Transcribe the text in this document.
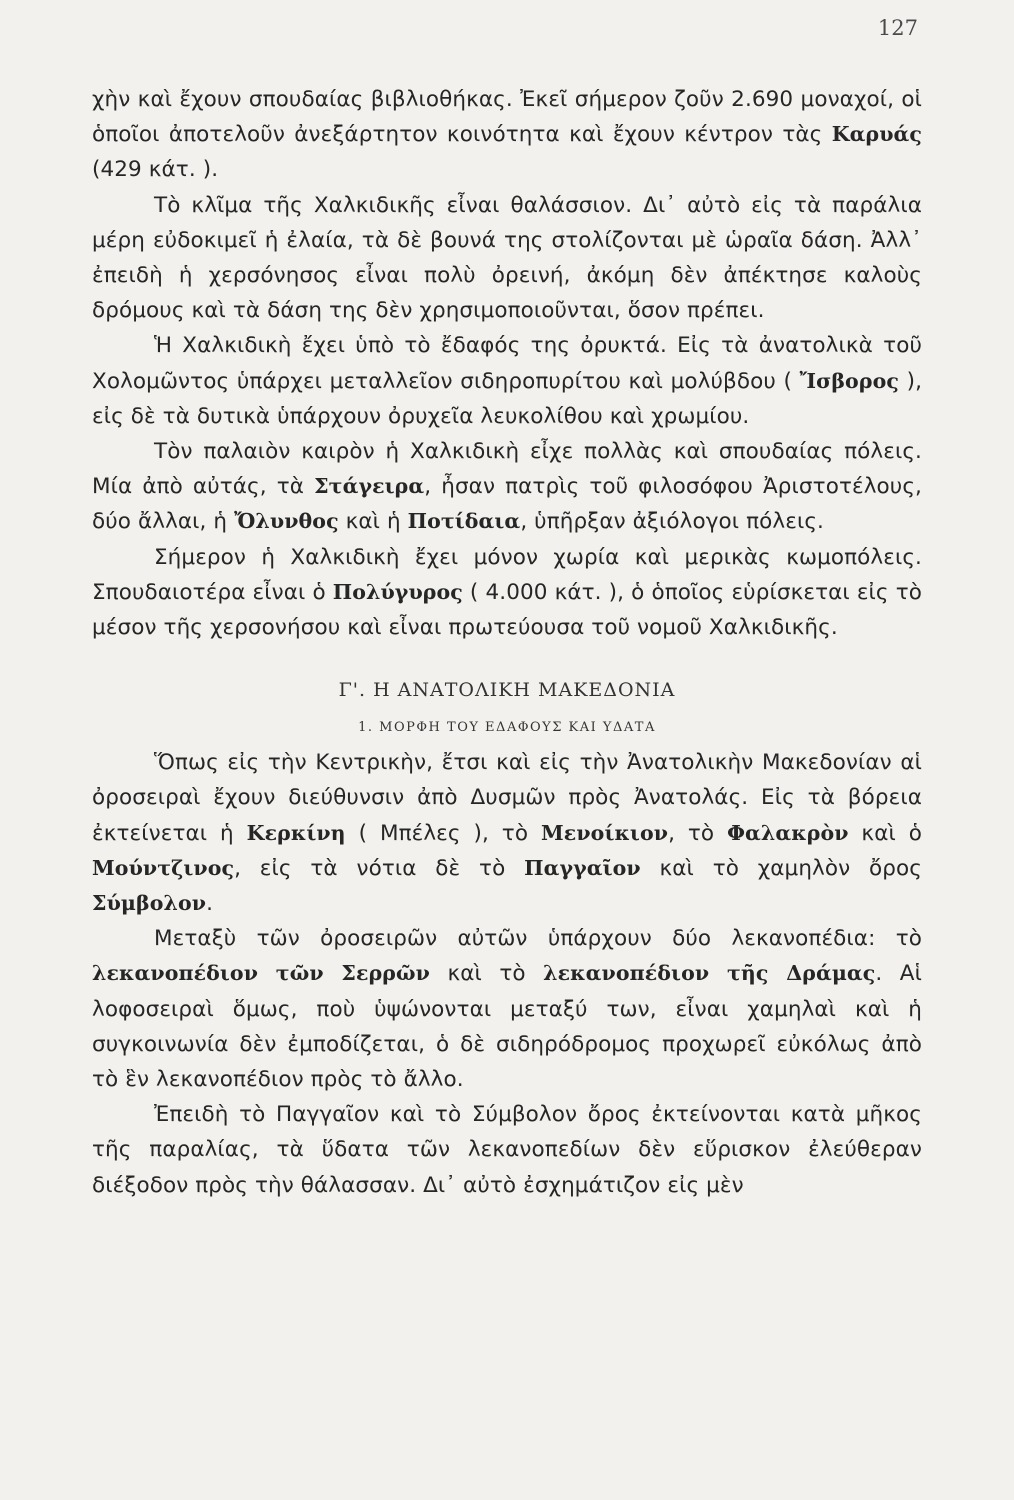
127

χὴν καὶ ἔχουν σπουδαίας βιβλιοθήκας. Ἐκεῖ σήμερον ζοῦν 2.690 μοναχοί, οἱ ὁποῖοι ἀποτελοῦν ἀνεξάρτητον κοινότητα καὶ ἔχουν κέντρον τὰς Καρυάς (429 κάτ. ).

Τὸ κλῖμα τῆς Χαλκιδικῆς εἶναι θαλάσσιον. Δι᾽ αὐτὸ εἰς τὰ παράλια μέρη εὐδοκιμεῖ ἡ ἐλαία, τὰ δὲ βουνά της στολίζονται μὲ ὡραῖα δάση. Ἀλλ᾽ ἐπειδὴ ἡ χερσόνησος εἶναι πολὺ ὀρεινή, ἀκόμη δὲν ἀπέκτησε καλοὺς δρόμους καὶ τὰ δάση της δὲν χρησιμοποιοῦνται, ὅσον πρέπει.

Ἡ Χαλκιδικὴ ἔχει ὑπὸ τὸ ἔδαφός της ὀρυκτά. Εἰς τὰ ἀνατολικὰ τοῦ Χολομῶντος ὑπάρχει μεταλλεῖον σιδηροπυρίτου καὶ μολύβδου ( Ἴσβορος ), εἰς δὲ τὰ δυτικὰ ὑπάρχουν ὀρυχεῖα λευκολίθου καὶ χρωμίου.

Τὸν παλαιὸν καιρὸν ἡ Χαλκιδικὴ εἶχε πολλὰς καὶ σπουδαίας πόλεις. Μία ἀπὸ αὐτάς, τὰ Στάγειρα, ἦσαν πατρὶς τοῦ φιλοσόφου Ἀριστοτέλους, δύο ἄλλαι, ἡ Ὄλυνθος καὶ ἡ Ποτίδαια, ὑπῆρξαν ἀξιόλογοι πόλεις.

Σήμερον ἡ Χαλκιδικὴ ἔχει μόνον χωρία καὶ μερικὰς κωμοπόλεις. Σπουδαιοτέρα εἶναι ὁ Πολύγυρος ( 4.000 κάτ. ), ὁ ὁποῖος εὑρίσκεται εἰς τὸ μέσον τῆς χερσονήσου καὶ εἶναι πρωτεύουσα τοῦ νομοῦ Χαλκιδικῆς.

Γ'. Η ΑΝΑΤΟΛΙΚΗ ΜΑΚΕΔΟΝΙΑ
1. ΜΟΡΦΗ ΤΟΥ ΕΔΑΦΟΥΣ ΚΑΙ ΥΔΑΤΑ

Ὅπως εἰς τὴν Κεντρικὴν, ἔτσι καὶ εἰς τὴν Ἀνατολικὴν Μακεδονίαν αἱ ὀροσειραὶ ἔχουν διεύθυνσιν ἀπὸ Δυσμῶν πρὸς Ἀνατολάς. Εἰς τὰ βόρεια ἐκτείνεται ἡ Κερκίνη ( Μπέλες ), τὸ Μενοίκιον, τὸ Φαλακρὸν καὶ ὁ Μούντζινος, εἰς τὰ νότια δὲ τὸ Παγγαῖον καὶ τὸ χαμηλὸν ὄρος Σύμβολον.

Μεταξὺ τῶν ὀροσειρῶν αὐτῶν ὑπάρχουν δύο λεκανοπέδια: τὸ λεκανοπέδιον τῶν Σερρῶν καὶ τὸ λεκανοπέδιον τῆς Δράμας. Αἱ λοφοσειραὶ ὅμως, ποὺ ὑψώνονται μεταξύ των, εἶναι χαμηλαὶ καὶ ἡ συγκοινωνία δὲν ἐμποδίζεται, ὁ δὲ σιδηρόδρομος προχωρεῖ εὐκόλως ἀπὸ τὸ ἓν λεκανοπέδιον πρὸς τὸ ἄλλο.

Ἐπειδὴ τὸ Παγγαῖον καὶ τὸ Σύμβολον ὄρος ἐκτείνονται κατὰ μῆκος τῆς παραλίας, τὰ ὕδατα τῶν λεκανοπεδίων δὲν εὕρισκον ἐλεύθεραν διέξοδον πρὸς τὴν θάλασσαν. Δι᾽ αὐτὸ ἐσχημάτιζον εἰς μὲν
